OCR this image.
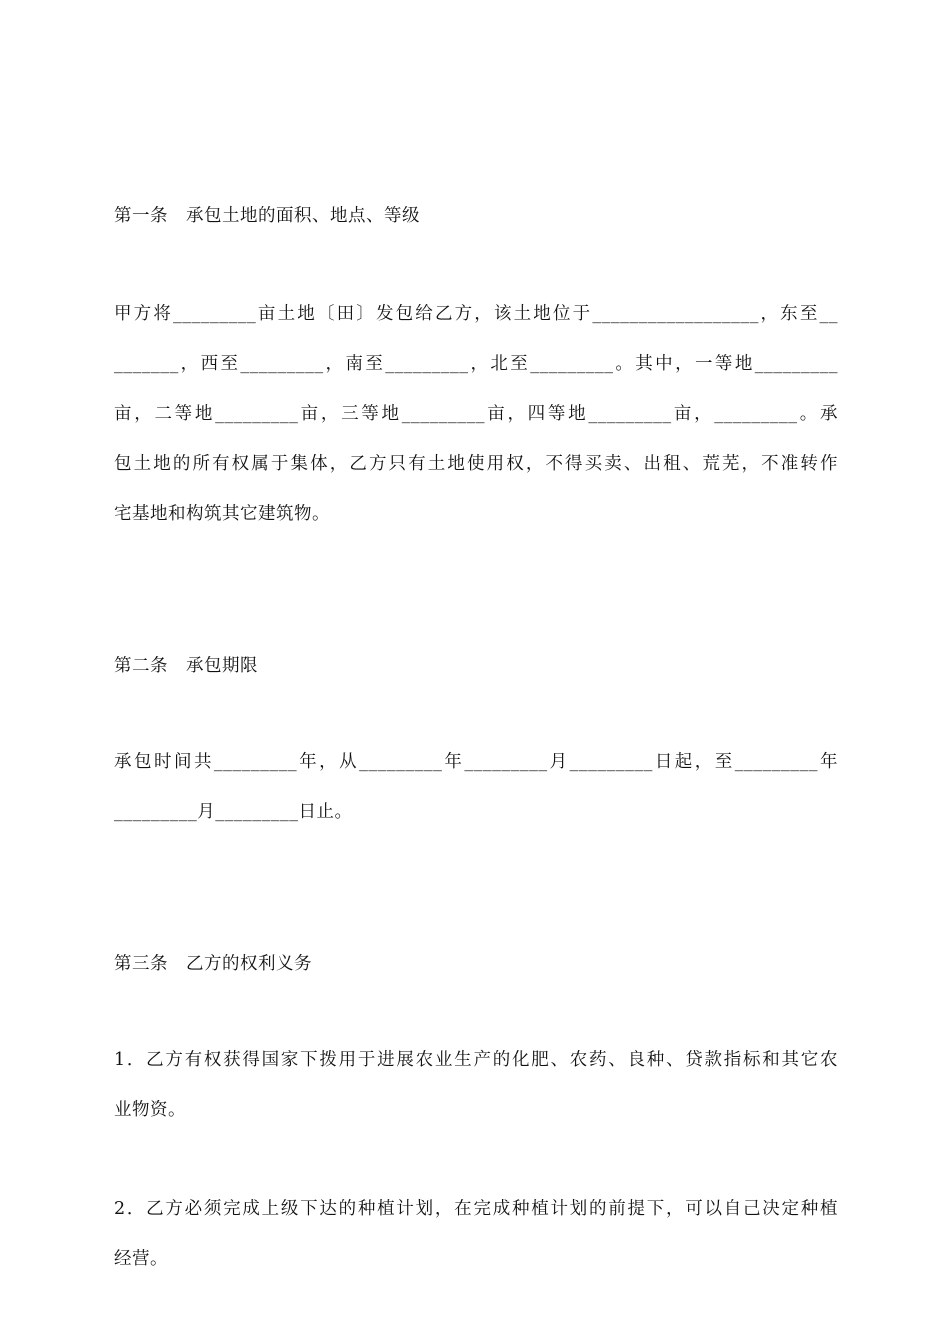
第一条　承包土地的面积、地点、等级
甲方将_________亩土地〔田〕发包给乙方，该土地位于__________________，东至__
_______，西至_________，南至_________，北至_________。其中，一等地_________
亩，二等地_________亩，三等地_________亩，四等地_________亩，_________。承
包土地的所有权属于集体，乙方只有土地使用权，不得买卖、出租、荒芜，不准转作
宅基地和构筑其它建筑物。
第二条　承包期限
承包时间共_________年，从_________年_________月_________日起，至_________年
_________月_________日止。
第三条　乙方的权利义务
1．乙方有权获得国家下拨用于进展农业生产的化肥、农药、良种、贷款指标和其它农
业物资。
2．乙方必须完成上级下达的种植计划，在完成种植计划的前提下，可以自己决定种植
经营。
